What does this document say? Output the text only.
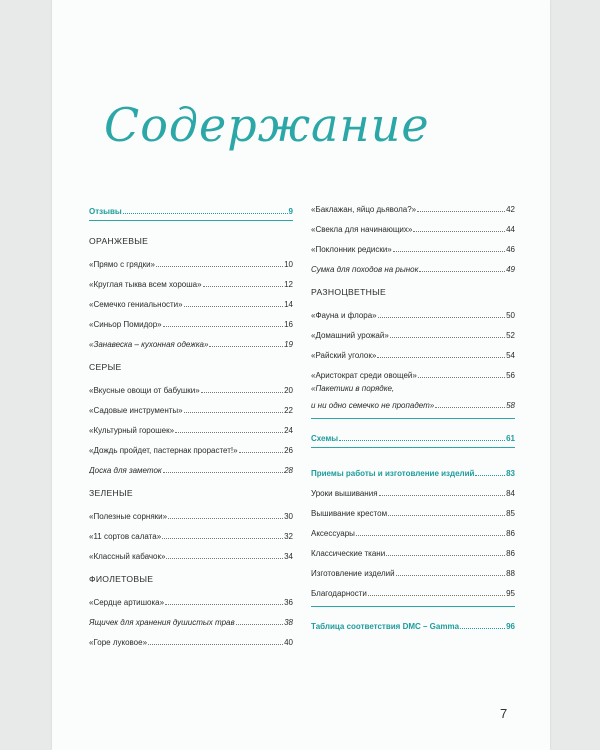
Содержание
Отзывы	9
ОРАНЖЕВЫЕ
«Прямо с грядки»	10
«Круглая тыква всем хороша»	12
«Семечко гениальности»	14
«Синьор Помидор»	16
«Занавеска – кухонная одежка»	19
СЕРЫЕ
«Вкусные овощи от бабушки»	20
«Садовые инструменты»	22
«Культурный горошек»	24
«Дождь пройдет, пастернак прорастет!»	26
Доска для заметок	28
ЗЕЛЕНЫЕ
«Полезные сорняки»	30
«11 сортов салата»	32
«Классный кабачок»	34
ФИОЛЕТОВЫЕ
«Сердце артишока»	36
Ящичек для хранения душистых трав	38
«Горе луковое»	40
«Баклажан, яйцо дьявола?»	42
«Свекла для начинающих»	44
«Поклонник редиски»	46
Сумка для походов на рынок	49
РАЗНОЦВЕТНЫЕ
«Фауна и флора»	50
«Домашний урожай»	52
«Райский уголок»	54
«Аристократ среди овощей»	56
«Пакетики в порядке,
и ни одно семечко не пропадет»	58
Схемы	61
Приемы работы и изготовление изделий	83
Уроки вышивания	84
Вышивание крестом	85
Аксессуары	86
Классические ткани	86
Изготовление изделий	88
Благодарности	95
Таблица соответствия DMC – Gamma	96
7
